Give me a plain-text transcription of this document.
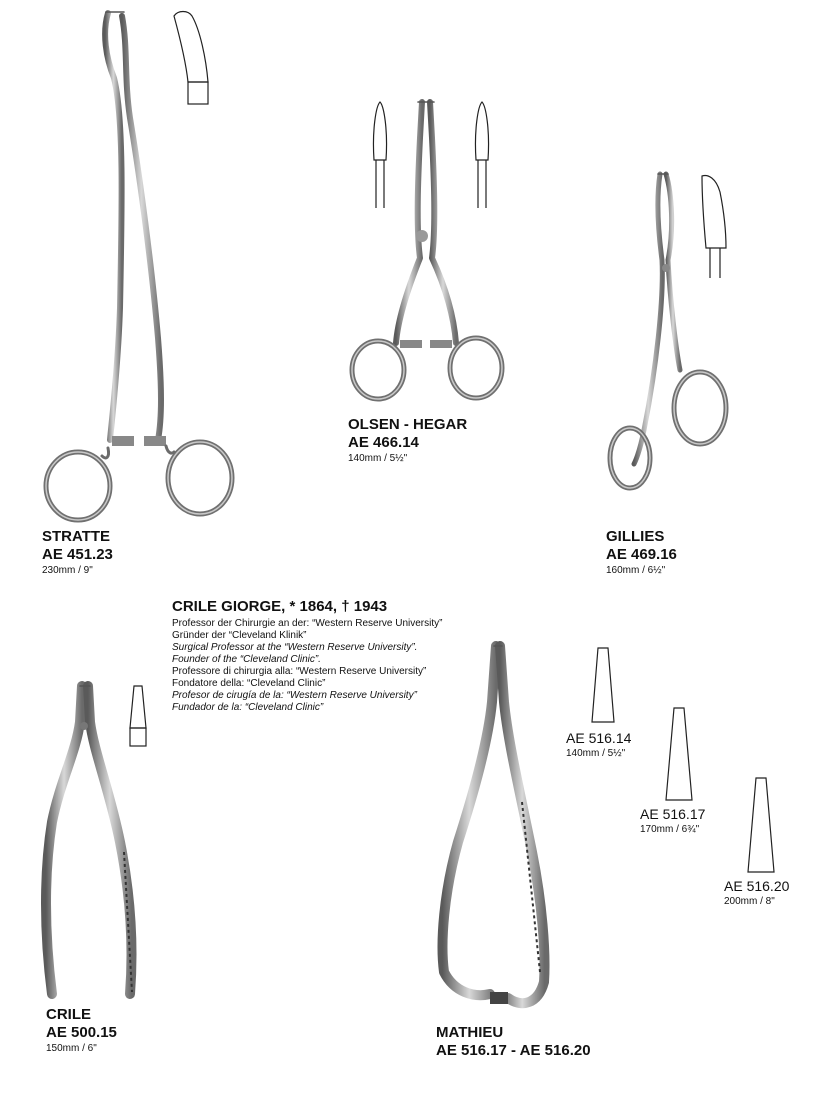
STRATTE

AE 451.23

230mm / 9"

OLSEN - HEGAR

AE 466.14

140mm / 5½"

GILLIES

AE 469.16

160mm / 6½"

CRILE GIORGE, * 1864, † 1943

Professor der Chirurgie an der: “Western Reserve University”

Gründer der “Cleveland Klinik”

Surgical Professor at the “Western Reserve University”.

Founder of the “Cleveland Clinic”.

Professore di chirurgia alla: “Western Reserve University”

Fondatore della: “Cleveland Clinic”

Profesor de cirugía de la: “Western Reserve University”

Fundador de la: “Cleveland Clinic”

CRILE

AE 500.15

150mm / 6"

AE 516.14

140mm / 5½"

AE 516.17

170mm / 6¾"

AE 516.20

200mm / 8"

MATHIEU

AE 516.17 - AE 516.20
